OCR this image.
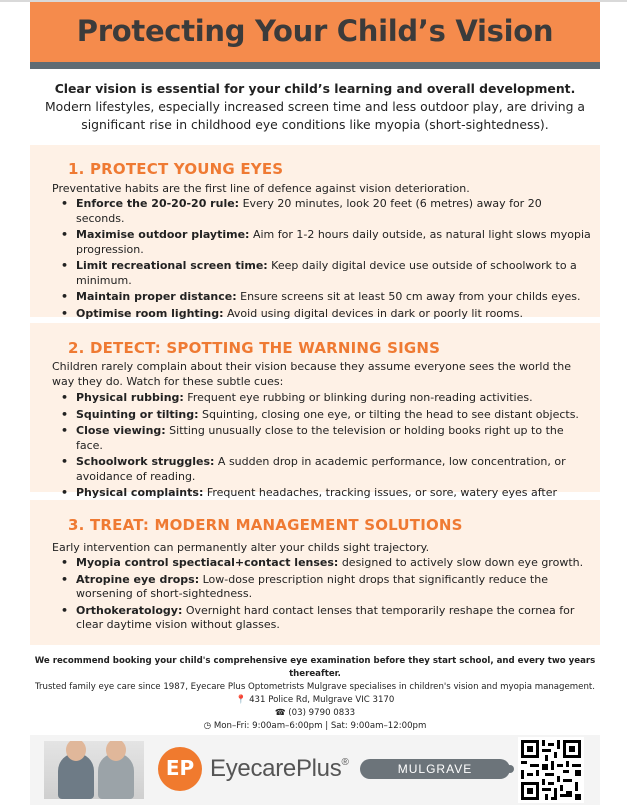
Protecting Your Child’s Vision
Clear vision is essential for your child’s learning and overall development.
Modern lifestyles, especially increased screen time and less outdoor play, are driving a significant rise in childhood eye conditions like myopia (short-sightedness).
1. PROTECT YOUNG EYES
Preventative habits are the first line of defence against vision deterioration.
• Enforce the 20-20-20 rule: Every 20 minutes, look 20 feet (6 metres) away for 20 seconds.
• Maximise outdoor playtime: Aim for 1-2 hours daily outside, as natural light slows myopia progression.
• Limit recreational screen time: Keep daily digital device use outside of schoolwork to a minimum.
• Maintain proper distance: Ensure screens sit at least 50 cm away from your childs eyes.
• Optimise room lighting: Avoid using digital devices in dark or poorly lit rooms.
2. DETECT: SPOTTING THE WARNING SIGNS
Children rarely complain about their vision because they assume everyone sees the world the way they do. Watch for these subtle cues:
• Physical rubbing: Frequent eye rubbing or blinking during non-reading activities.
• Squinting or tilting: Squinting, closing one eye, or tilting the head to see distant objects.
• Close viewing: Sitting unusually close to the television or holding books right up to the face.
• Schoolwork struggles: A sudden drop in academic performance, low concentration, or avoidance of reading.
• Physical complaints: Frequent headaches, tracking issues, or sore, watery eyes after
3. TREAT: MODERN MANAGEMENT SOLUTIONS
Early intervention can permanently alter your childs sight trajectory.
• Myopia control spectiacal+contact lenses: designed to actively slow down eye growth.
• Atropine eye drops: Low-dose prescription night drops that significantly reduce the worsening of short-sightedness.
• Orthokeratology: Overnight hard contact lenses that temporarily reshape the cornea for clear daytime vision without glasses.
We recommend booking your child's comprehensive eye examination before they start school, and every two years thereafter.
Trusted family eye care since 1987, Eyecare Plus Optometrists Mulgrave specialises in children's vision and myopia management.
📍 431 Police Rd, Mulgrave VIC 3170
☎ (03) 9790 0833
◷ Mon–Fri: 9:00am–6:00pm | Sat: 9:00am–12:00pm
EP EyecarePlus®	MULGRAVE
